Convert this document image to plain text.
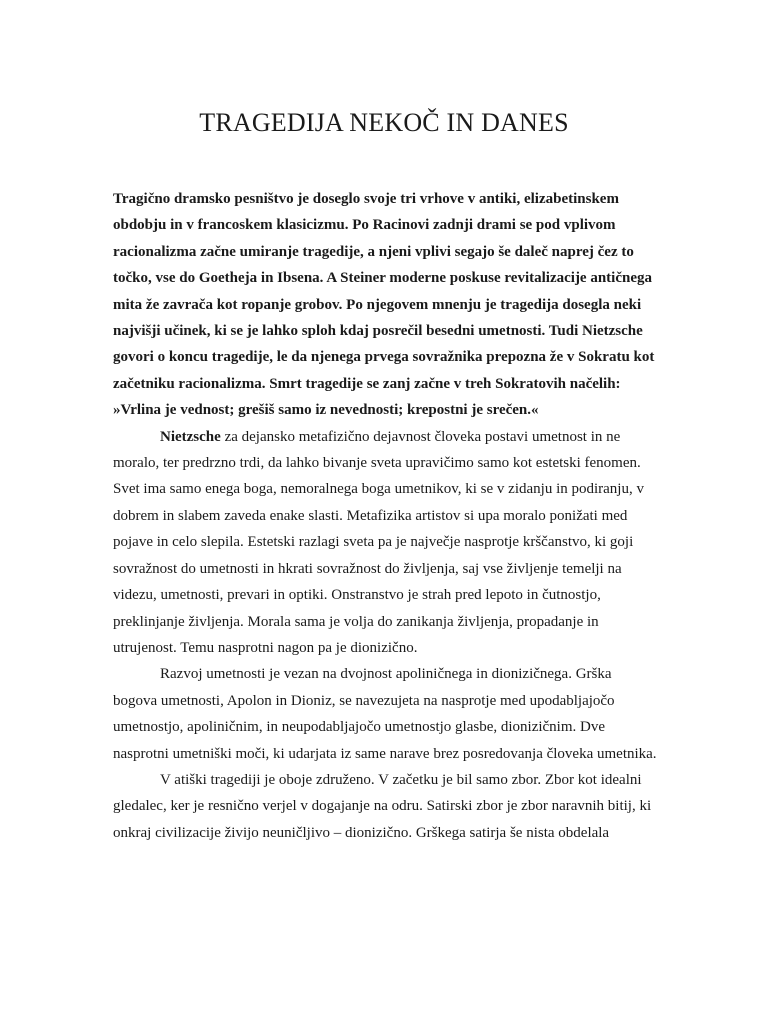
TRAGEDIJA NEKOČ IN DANES

Tragično dramsko pesništvo je doseglo svoje tri vrhove v antiki, elizabetinskem obdobju in v francoskem klasicizmu. Po Racinovi zadnji drami se pod vplivom racionalizma začne umiranje tragedije, a njeni vplivi segajo še daleč naprej čez to točko, vse do Goetheja in Ibsena. A Steiner moderne poskuse revitalizacije antičnega mita že zavrača kot ropanje grobov. Po njegovem mnenju je tragedija dosegla neki najvišji učinek, ki se je lahko sploh kdaj posrečil besedni umetnosti. Tudi Nietzsche govori o koncu tragedije, le da njenega prvega sovražnika prepozna že v Sokratu kot začetniku racionalizma. Smrt tragedije se zanj začne v treh Sokratovih načelih: »Vrlina je vednost; grešiš samo iz nevednosti; krepostni je srečen.«

Nietzsche za dejansko metafizično dejavnost človeka postavi umetnost in ne moralo, ter predrzno trdi, da lahko bivanje sveta upravičimo samo kot estetski fenomen. Svet ima samo enega boga, nemoralnega boga umetnikov, ki se v zidanju in podiranju, v dobrem in slabem zaveda enake slasti. Metafizika artistov si upa moralo ponižati med pojave in celo slepila. Estetski razlagi sveta pa je največje nasprotje krščanstvo, ki goji sovražnost do umetnosti in hkrati sovražnost do življenja, saj vse življenje temelji na videzu, umetnosti, prevari in optiki. Onstranstvo je strah pred lepoto in čutnostjo, preklinjanje življenja. Morala sama je volja do zanikanja življenja, propadanje in utrujenost. Temu nasprotni nagon pa je dionizično.

Razvoj umetnosti je vezan na dvojnost apoliničnega in dionizičnega. Grška bogova umetnosti, Apolon in Dioniz, se navezujeta na nasprotje med upodabljajočo umetnostjo, apoliničnim, in neupodabljajočo umetnostjo glasbe, dionizičnim. Dve nasprotni umetniški moči, ki udarjata iz same narave brez posredovanja človeka umetnika.

V atiški tragediji je oboje združeno. V začetku je bil samo zbor. Zbor kot idealni gledalec, ker je resnično verjel v dogajanje na odru. Satirski zbor je zbor naravnih bitij, ki onkraj civilizacije živijo neuničljivo – dionizično. Grškega satirja še nista obdelala
